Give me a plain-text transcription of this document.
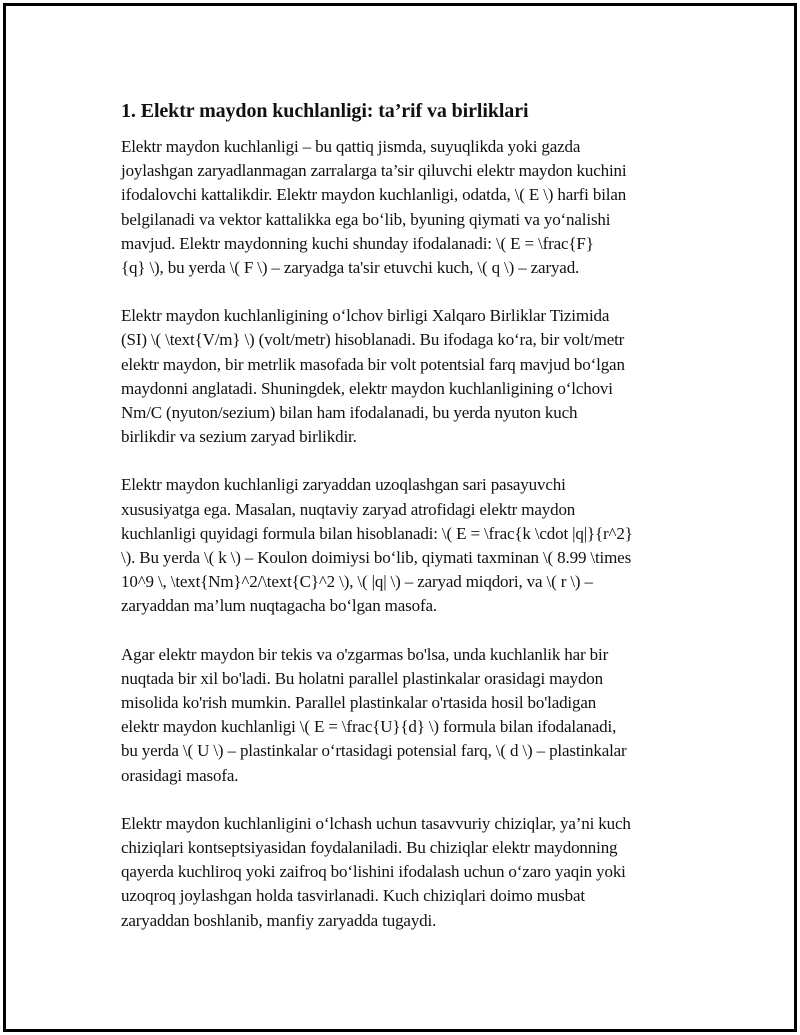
1. Elektr maydon kuchlanligi: ta’rif va birliklari

Elektr maydon kuchlanligi – bu qattiq jismda, suyuqlikda yoki gazda
joylashgan zaryadlanmagan zarralarga ta’sir qiluvchi elektr maydon kuchini
ifodalovchi kattalikdir. Elektr maydon kuchlanligi, odatda, \( E \) harfi bilan
belgilanadi va vektor kattalikka ega bo‘lib, byuning qiymati va yo‘nalishi
mavjud. Elektr maydonning kuchi shunday ifodalanadi: \( E = \frac{F}
{q} \), bu yerda \( F \) – zaryadga ta'sir etuvchi kuch, \( q \) – zaryad.

Elektr maydon kuchlanligining o‘lchov birligi Xalqaro Birliklar Tizimida
(SI) \( \text{V/m} \) (volt/metr) hisoblanadi. Bu ifodaga ko‘ra, bir volt/metr
elektr maydon, bir metrlik masofada bir volt potentsial farq mavjud bo‘lgan
maydonni anglatadi. Shuningdek, elektr maydon kuchlanligining o‘lchovi
Nm/C (nyuton/sezium) bilan ham ifodalanadi, bu yerda nyuton kuch
birlikdir va sezium zaryad birlikdir.

Elektr maydon kuchlanligi zaryaddan uzoqlashgan sari pasayuvchi
xususiyatga ega. Masalan, nuqtaviy zaryad atrofidagi elektr maydon
kuchlanligi quyidagi formula bilan hisoblanadi: \( E = \frac{k \cdot |q|}{r^2}
\). Bu yerda \( k \) – Koulon doimiysi bo‘lib, qiymati taxminan \( 8.99 \times
10^9 \, \text{Nm}^2/\text{C}^2 \), \( |q| \) – zaryad miqdori, va \( r \) –
zaryaddan ma’lum nuqtagacha bo‘lgan masofa.

Agar elektr maydon bir tekis va o'zgarmas bo'lsa, unda kuchlanlik har bir
nuqtada bir xil bo'ladi. Bu holatni parallel plastinkalar orasidagi maydon
misolida ko'rish mumkin. Parallel plastinkalar o'rtasida hosil bo'ladigan
elektr maydon kuchlanligi \( E = \frac{U}{d} \) formula bilan ifodalanadi,
bu yerda \( U \) – plastinkalar o‘rtasidagi potensial farq, \( d \) – plastinkalar
orasidagi masofa.

Elektr maydon kuchlanligini o‘lchash uchun tasavvuriy chiziqlar, ya’ni kuch
chiziqlari kontseptsiyasidan foydalaniladi. Bu chiziqlar elektr maydonning
qayerda kuchliroq yoki zaifroq bo‘lishini ifodalash uchun o‘zaro yaqin yoki
uzoqroq joylashgan holda tasvirlanadi. Kuch chiziqlari doimo musbat
zaryaddan boshlanib, manfiy zaryadda tugaydi.
